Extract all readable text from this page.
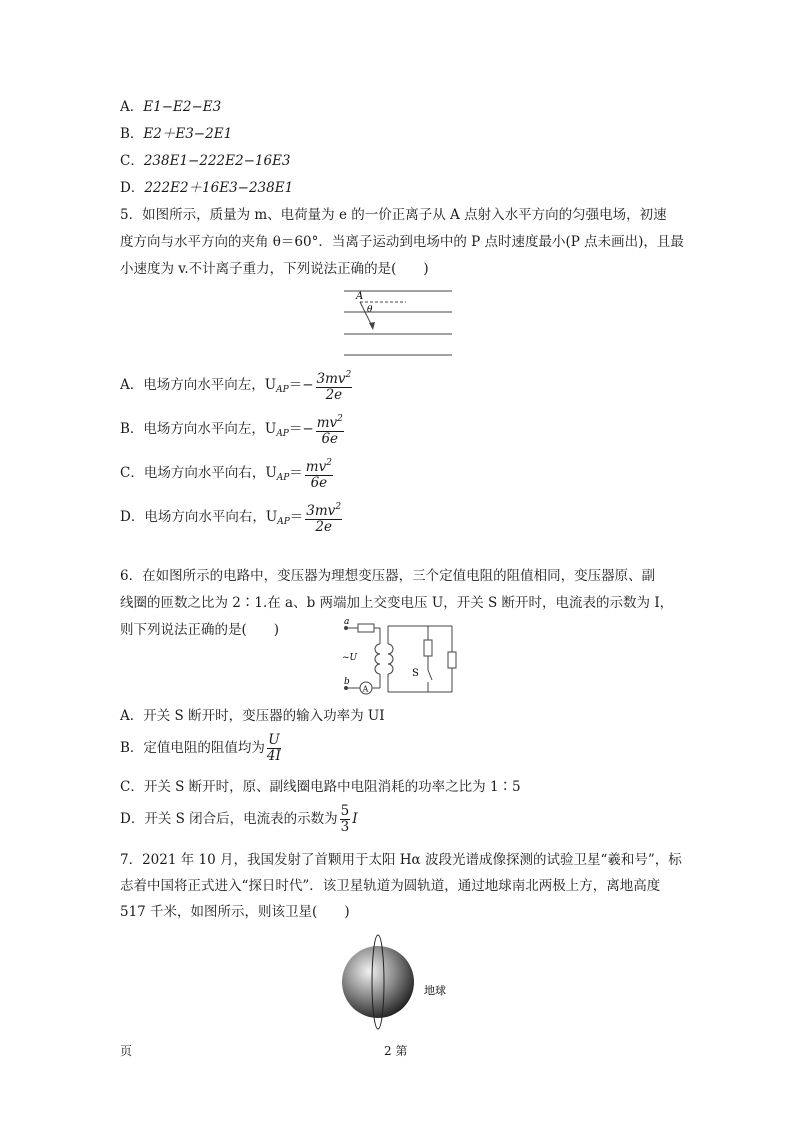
A．E1−E2−E3
B．E2＋E3−2E1
C．238E1−222E2−16E3
D．222E2＋16E3−238E1
5．如图所示，质量为 m、电荷量为 e 的一价正离子从 A 点射入水平方向的匀强电场，初速
度方向与水平方向的夹角 θ＝60°．当离子运动到电场中的 P 点时速度最小(P 点未画出)，且最
小速度为 v.不计离子重力，下列说法正确的是(　　)
A
θ
A．电场方向水平向左，$U_{AP}=- \frac{3mv^2}{2e}$
B．电场方向水平向左，$U_{AP}=- \frac{mv^2}{6e}$
C．电场方向水平向右，$U_{AP}= \frac{mv^2}{6e}$
D．电场方向水平向右，$U_{AP}= \frac{3mv^2}{2e}$
6．在如图所示的电路中，变压器为理想变压器，三个定值电阻的阻值相同，变压器原、副
线圈的匝数之比为 2∶1.在 a、b 两端加上交变电压 U，开关 S 断开时，电流表的示数为 I，
则下列说法正确的是(　　)	a
~U
b
A
S
A．开关 S 断开时，变压器的输入功率为 UI
B．定值电阻的阻值均为 $\frac{U}{4I}$
C．开关 S 断开时，原、副线圈电路中电阻消耗的功率之比为 1∶5
D．开关 S 闭合后，电流表的示数为 $\frac{5}{3}$ I
7．2021 年 10 月，我国发射了首颗用于太阳 Hα 波段光谱成像探测的试验卫星“羲和号”，标
志着中国将正式进入“探日时代”．该卫星轨道为圆轨道，通过地球南北两极上方，离地高度
517 千米，如图所示，则该卫星(　　)
地球
页	2 第
